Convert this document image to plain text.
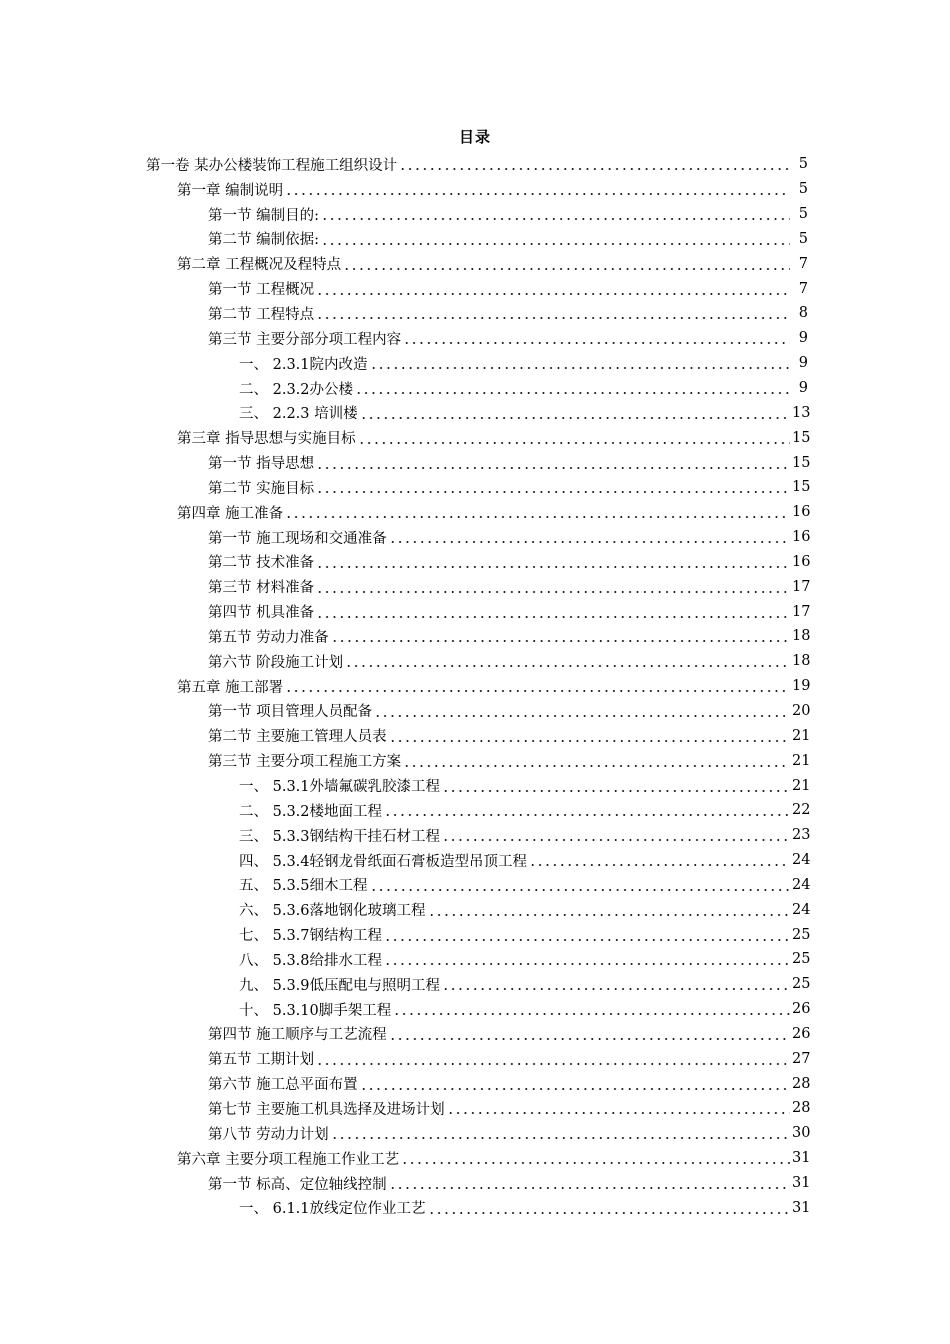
目录
第一卷 某办公楼装饰工程施工组织设计	5
第一章 编制说明	5
第一节 编制目的:	5
第二节 编制依据:	5
第二章 工程概况及程特点	7
第一节 工程概况	7
第二节 工程特点	8
第三节 主要分部分项工程内容	9
一、 2.3.1院内改造	9
二、 2.3.2办公楼	9
三、 2.2.3 培训楼	13
第三章 指导思想与实施目标	15
第一节 指导思想	15
第二节 实施目标	15
第四章 施工准备	16
第一节 施工现场和交通准备	16
第二节 技术准备	16
第三节 材料准备	17
第四节 机具准备	17
第五节 劳动力准备	18
第六节 阶段施工计划	18
第五章 施工部署	19
第一节 项目管理人员配备	20
第二节 主要施工管理人员表	21
第三节 主要分项工程施工方案	21
一、 5.3.1外墙氟碳乳胶漆工程	21
二、 5.3.2楼地面工程	22
三、 5.3.3钢结构干挂石材工程	23
四、 5.3.4轻钢龙骨纸面石膏板造型吊顶工程	24
五、 5.3.5细木工程	24
六、 5.3.6落地钢化玻璃工程	24
七、 5.3.7钢结构工程	25
八、 5.3.8给排水工程	25
九、 5.3.9低压配电与照明工程	25
十、 5.3.10脚手架工程	26
第四节 施工顺序与工艺流程	26
第五节 工期计划	27
第六节 施工总平面布置	28
第七节 主要施工机具选择及进场计划	28
第八节 劳动力计划	30
第六章 主要分项工程施工作业工艺	31
第一节 标高、定位轴线控制	31
一、 6.1.1放线定位作业工艺	31
